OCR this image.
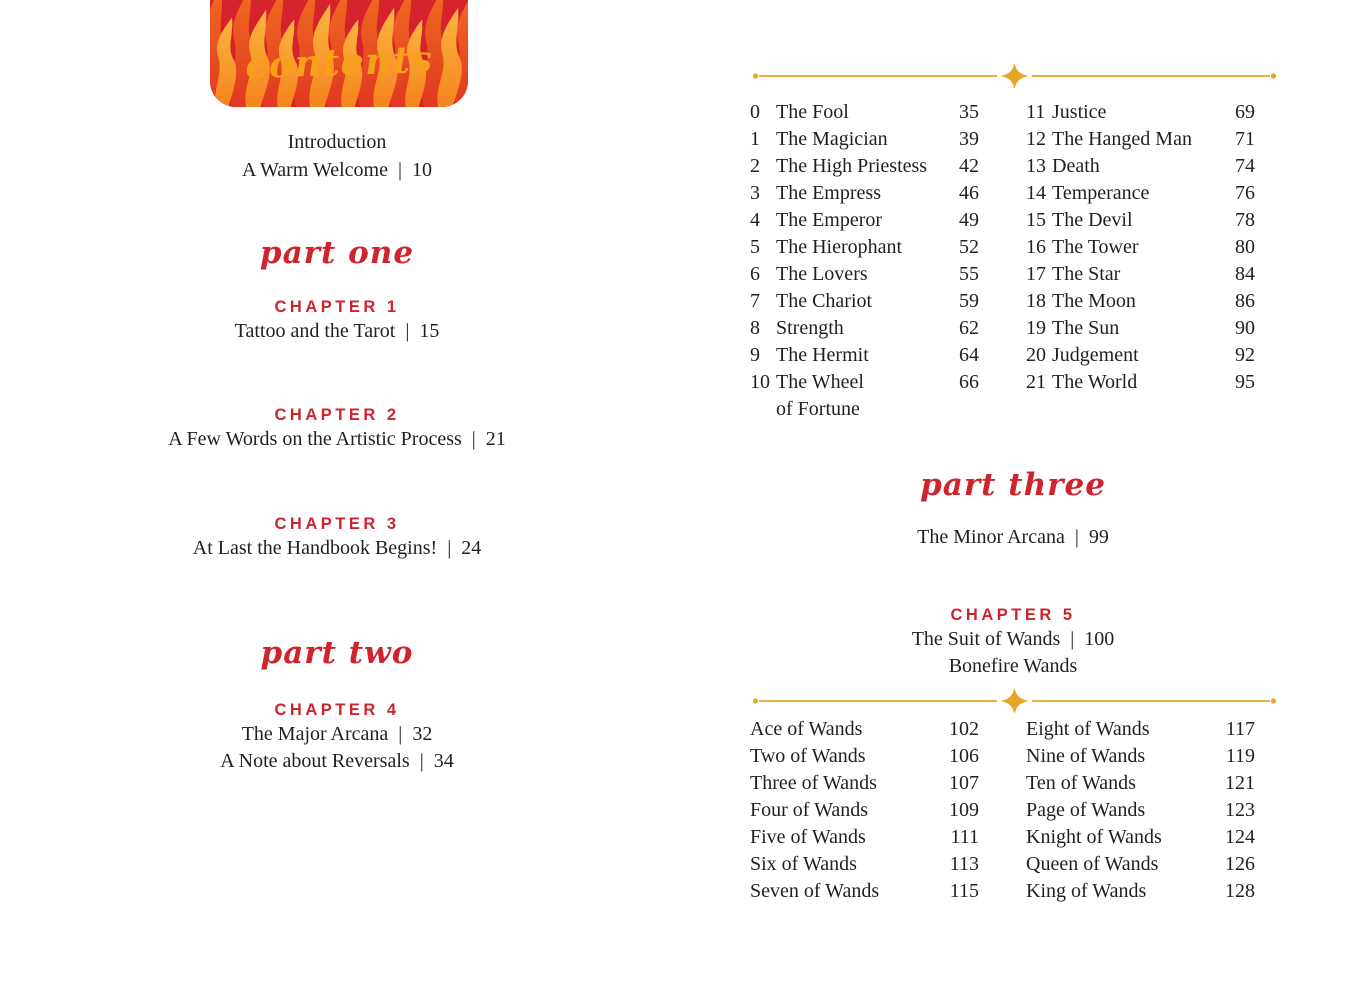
contents
Introduction
A Warm Welcome | 10
part one
CHAPTER 1
Tattoo and the Tarot | 15
CHAPTER 2
A Few Words on the Artistic Process | 21
CHAPTER 3
At Last the Handbook Begins! | 24
part two
CHAPTER 4
The Major Arcana | 32
A Note about Reversals | 34
0 The Fool	35
1 The Magician	39
2 The High Priestess	42
3 The Empress	46
4 The Emperor	49
5 The Hierophant	52
6 The Lovers	55
7 The Chariot	59
8 Strength	62
9 The Hermit	64
10 The Wheel	66
of Fortune
11 Justice	69
12 The Hanged Man	71
13 Death	74
14 Temperance	76
15 The Devil	78
16 The Tower	80
17 The Star	84
18 The Moon	86
19 The Sun	90
20 Judgement	92
21 The World	95
part three
The Minor Arcana | 99
CHAPTER 5
The Suit of Wands | 100
Bonefire Wands
Ace of Wands	102
Two of Wands	106
Three of Wands	107
Four of Wands	109
Five of Wands	111
Six of Wands	113
Seven of Wands	115
Eight of Wands	117
Nine of Wands	119
Ten of Wands	121
Page of Wands	123
Knight of Wands	124
Queen of Wands	126
King of Wands	128
